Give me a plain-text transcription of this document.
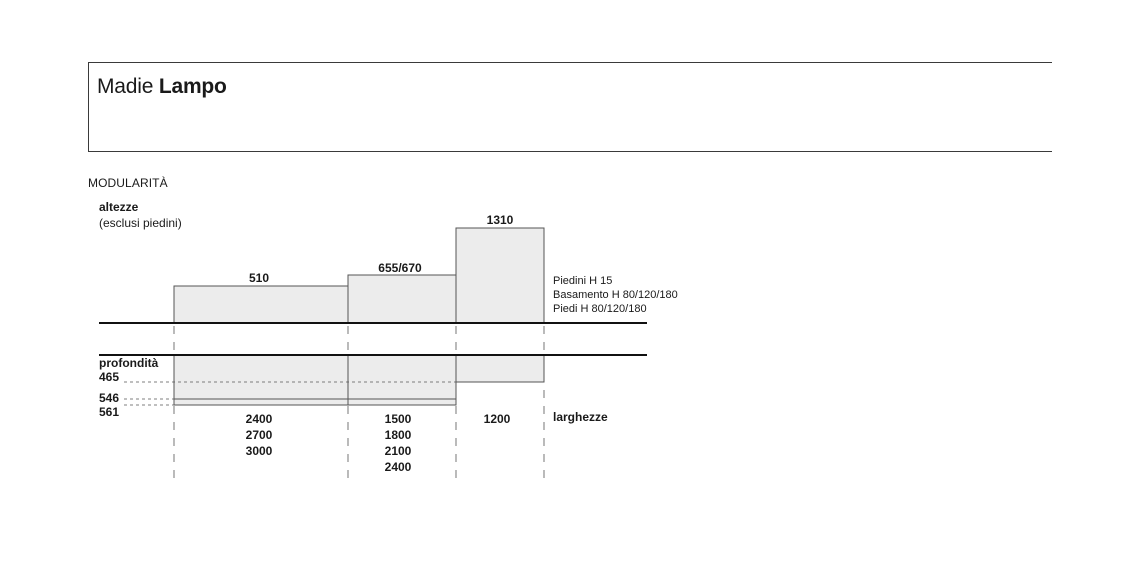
Madie Lampo
MODULARITÀ
altezze
(esclusi piedini)
510
655/670
1310
Piedini H 15
Basamento H 80/120/180
Piedi H 80/120/180
profondità
465
546
561	2400
2700
3000
1500
1800
2100
2400
1200	larghezze
